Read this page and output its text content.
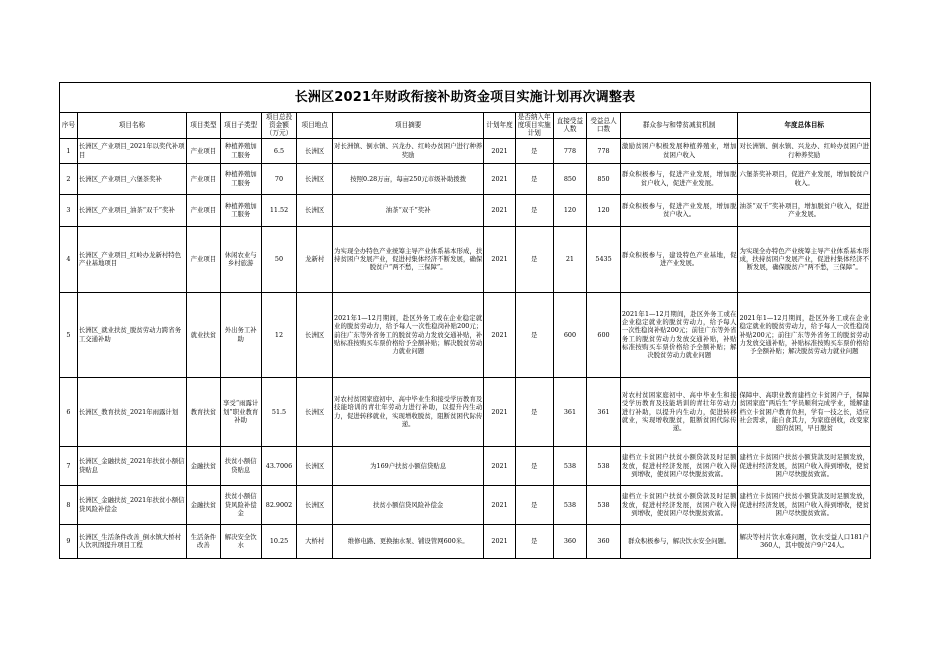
长洲区2021年财政衔接补助资金项目实施计划再次调整表												
序号	项目名称	项目类型	项目子类型	项目总投资金额（万元）	项目地点	项目摘要	计划年度	是否纳入年度项目实施计划	直接受益人数	受益总人口数	群众参与和带贫减贫机制	年度总体目标
1	长洲区_产业项目_2021年以奖代补项目	产业项目	种植养殖加工服务	6.5	长洲区	对长洲镇、倒水镇、兴龙办、红岭办贫困户进行种养奖励	2021	是	778	778	激励贫困户积极发展种植养殖业，增加贫困户收入	对长洲镇、倒水镇、兴龙办、红岭办贫困户进行种养奖励
2	长洲区_产业项目_六堡茶奖补	产业项目	种植养殖加工服务	70	长洲区	按照0.28万亩，每亩250元市级补助拨拨	2021	是	850	850	群众积极参与，促进产业发展，增加脱贫户收入，促进产业发展。	六堡茶奖补项目，促进产业发展，增加脱贫户收入。
3	长洲区_产业项目_油茶“双千”奖补	产业项目	种植养殖加工服务	11.52	长洲区	油茶“双千”奖补	2021	是	120	120	群众积极参与，促进产业发展，增加脱贫户收入。	油茶“双千”奖补项目，增加脱贫户收入，促进产业发展。
4	长洲区_产业项目_红岭办龙新村特色产业基地项目	产业项目	休闲农业与乡村旅游	50	龙新村	为实现全办特色产业统筹主导产业体系基本形成，扶持贫困户发展产业，促进村集体经济不断发展，确保脱贫户“两不愁，三保障”。	2021	是	21	5435	群众积极参与，建设特色产业基地，促进产业发展。	为实现全办特色产业统筹主导产业体系基本形成，扶持贫困户发展产业，促进村集体经济不断发展，确保脱贫户“两不愁，三保障”。
5	长洲区_就业扶贫_脱贫劳动力跨省务工交通补助	就业扶贫	外出务工补助	12	长洲区	2021年1—12月期间，赴区外务工或在企业稳定就业的脱贫劳动力，给予每人一次性稳岗补贴200元；前往广东等外省务工的脱贫劳动力发放交通补贴，补贴标准按购买车票价格给予全额补贴；解决脱贫劳动力就业问题	2021	是	600	600	2021年1—12月期间，赴区外务工或在企业稳定就业的脱贫劳动力，给予每人一次性稳岗补贴200元；前往广东等外省务工的脱贫劳动力发放交通补贴，补贴标准按购买车票价格给予全额补贴；解决脱贫劳动力就业问题	2021年1—12月期间，赴区外务工或在企业稳定就业的脱贫劳动力，给予每人一次性稳岗补贴200元；前往广东等外省务工的脱贫劳动力发放交通补贴，补贴标准按购买车票价格给予全额补贴；解决脱贫劳动力就业问题
6	长洲区_教育扶贫_2021年雨露计划	教育扶贫	享受“雨露计划”职业教育补助	51.5	长洲区	对农村贫困家庭初中、高中毕业生和接受学历教育及技能培训的青壮年劳动力进行补助，以提升内生动力，促进转移就业，实现增收脱贫，阻断贫困代际传递。	2021	是	361	361	对农村贫困家庭初中、高中毕业生和接受学历教育及技能培训的青壮年劳动力进行补助，以提升内生动力，促进转移就业，实现增收脱贫，阻断贫困代际传递。	保障中、高职业教育建档立卡贫困户子，保障贫困家庭“两后生”学员顺利完成学业，缓解建档立卡贫困户教育负担，学有一技之长，适应社会需求，能自食其力，为家庭创收，改变家庭的贫困，早日脱贫
7	长洲区_金融扶贫_2021年扶贫小额信贷贴息	金融扶贫	扶贫小额信贷贴息	43.7006	长洲区	为169户扶贫小额信贷贴息	2021	是	538	538	建档立卡贫困户扶贫小额贷款及时足额发放，促进村经济发展，贫困户收入得到增收，使贫困户尽快脱贫致富。	建档立卡贫困户扶贫小额贷款及时足额发放，促进村经济发展，贫困户收入得到增收，使贫困户尽快脱贫致富。
8	长洲区_金融扶贫_2021年扶贫小额信贷风险补偿金	金融扶贫	扶贫小额信贷风险补偿金	82.9002	长洲区	扶贫小额信贷风险补偿金	2021	是	538	538	建档立卡贫困户扶贫小额贷款及时足额发放，促进村经济发展，贫困户收入得到增收，使贫困户尽快脱贫致富。	建档立卡贫困户扶贫小额贷款及时足额发放，促进村经济发展，贫困户收入得到增收，使贫困户尽快脱贫致富。
9	长洲区_生活条件改善_倒水镇大桥村人饮巩固提升项目工程	生活条件改善	解决安全饮水	10.25	大桥村	维修电路、更换抽水泵、铺设管网600米。	2021	是	360	360	群众积极参与，解决饮水安全问题。	解决等村片饮水难问题，饮水受益人口181户360人，其中脱贫户9户24人。
